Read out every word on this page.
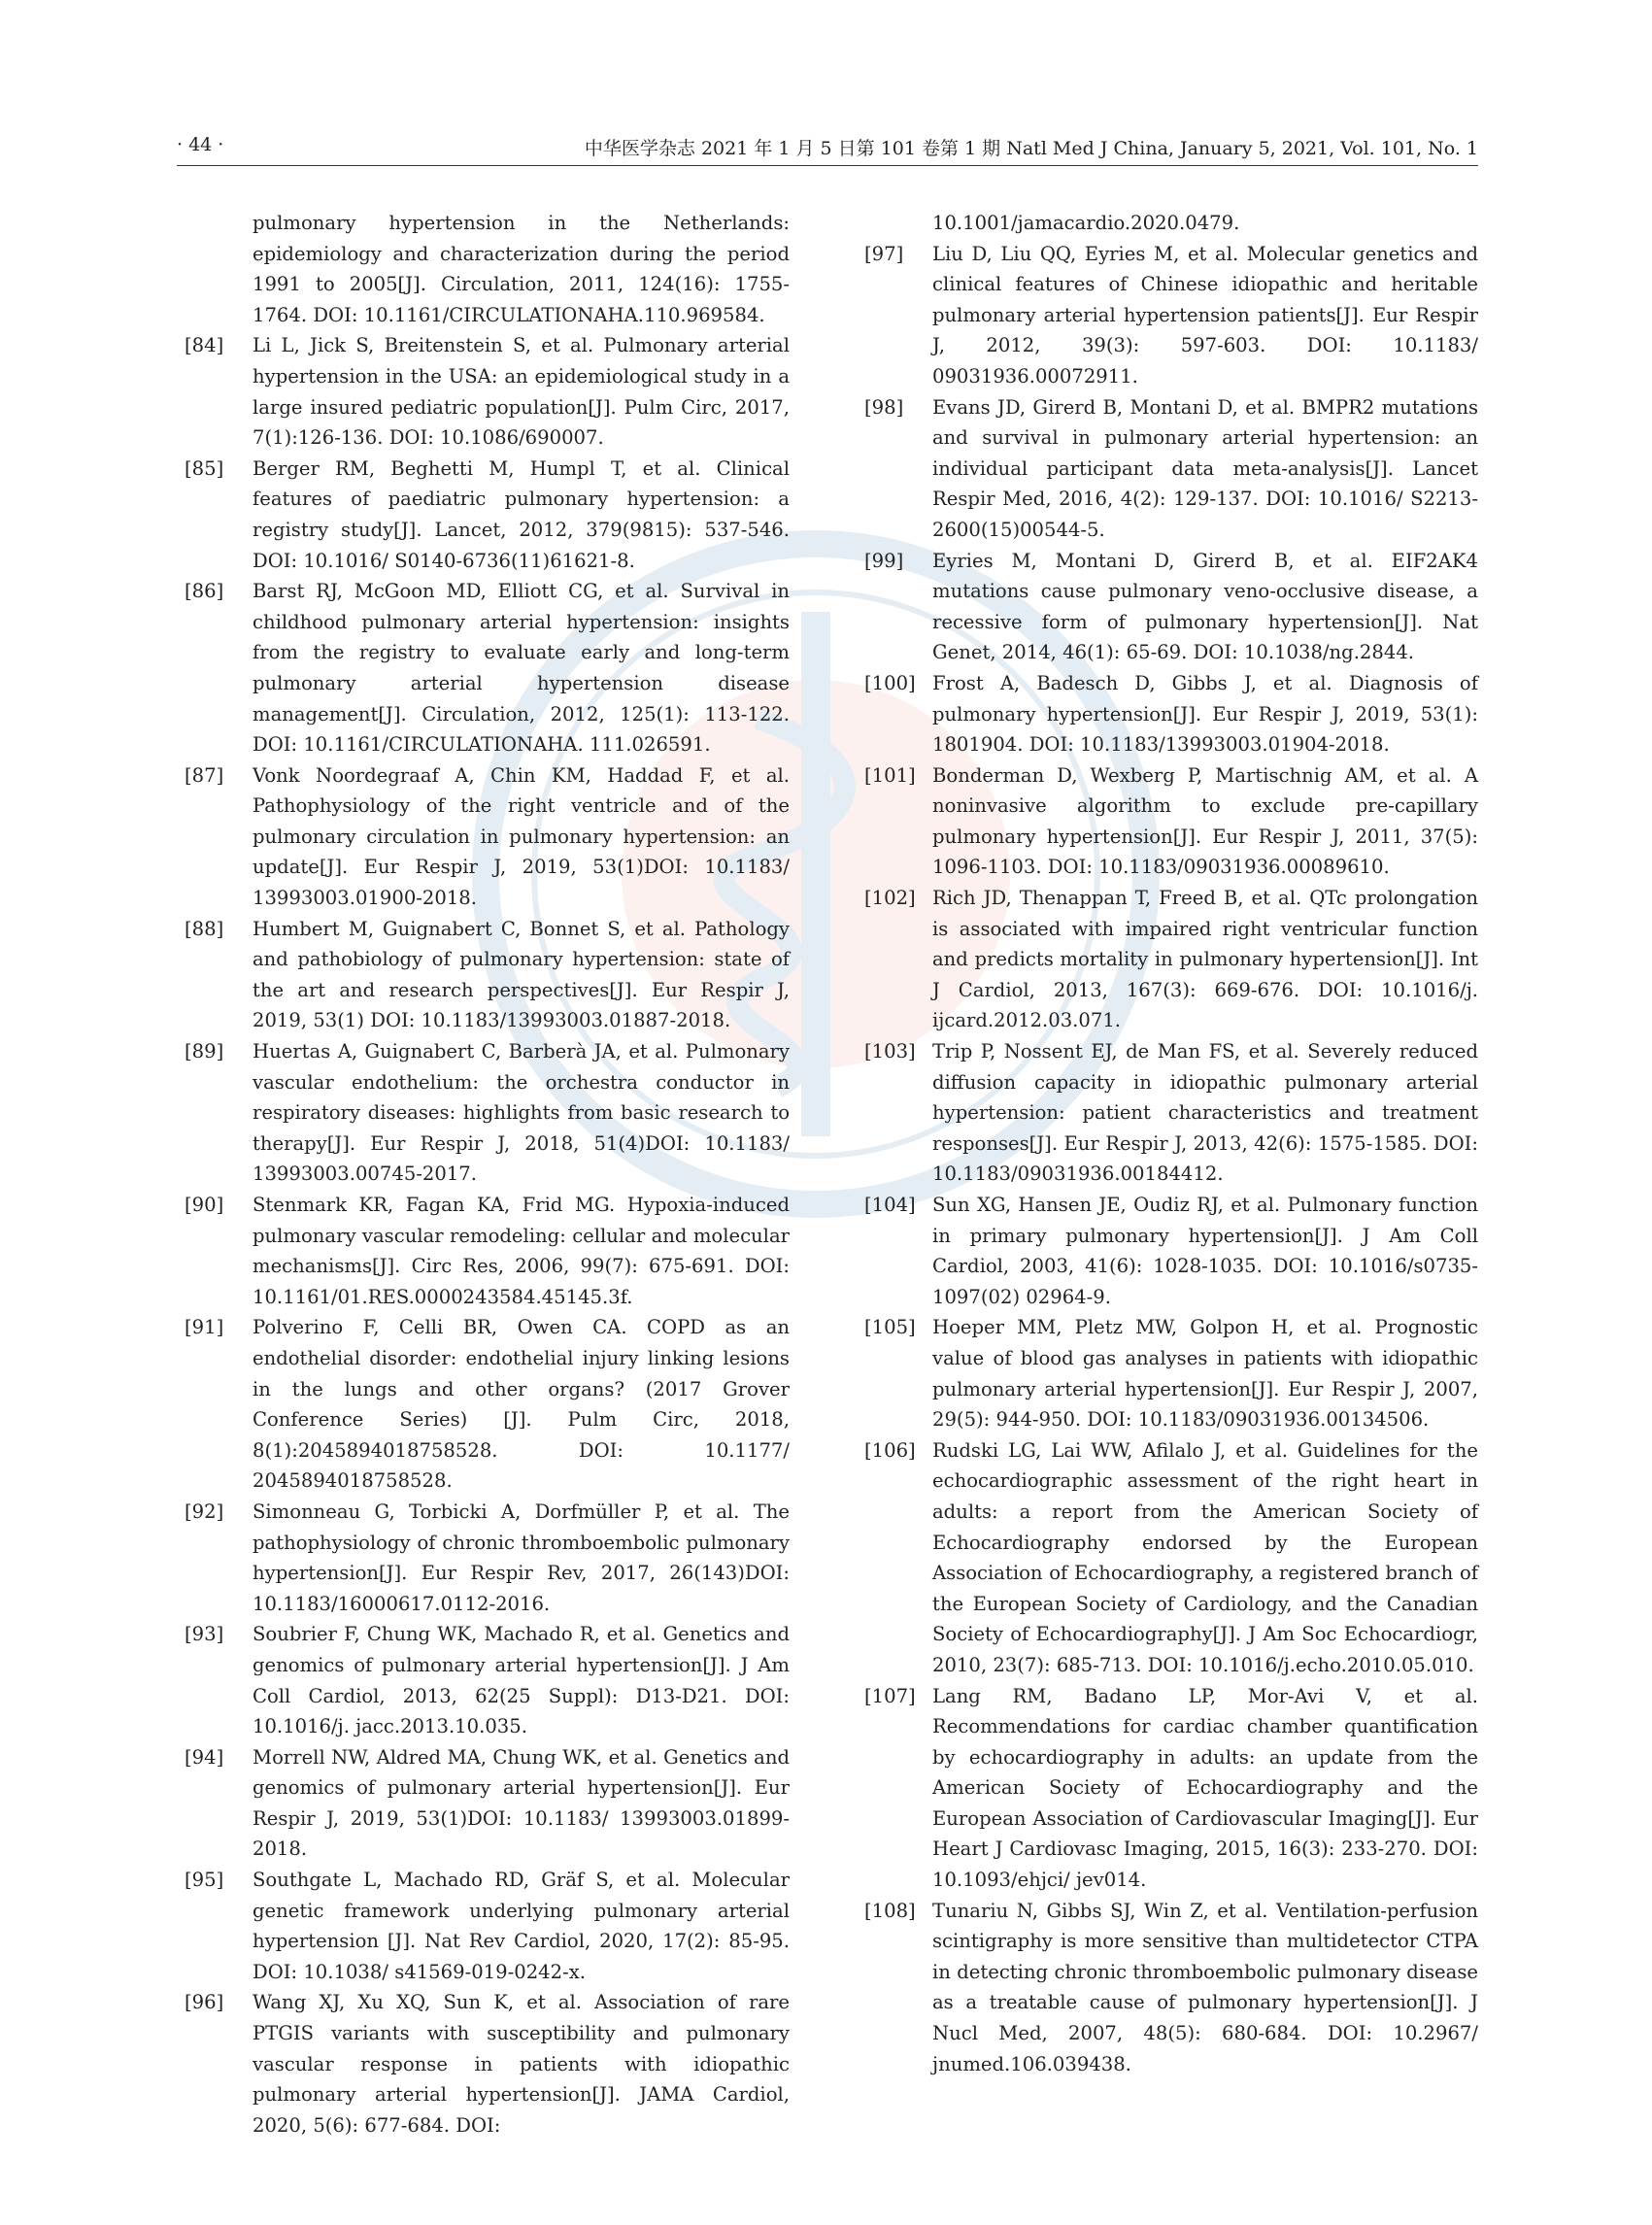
· 44 ·	中华医学杂志 2021 年 1 月 5 日第 101 卷第 1 期 Natl Med J China, January 5, 2021, Vol. 101, No. 1
pulmonary hypertension in the Netherlands: epidemiology and characterization during the period 1991 to 2005[J]. Circulation, 2011, 124(16): 1755-1764. DOI: 10.1161/CIRCULATIONAHA.110.969584.
[84] Li L, Jick S, Breitenstein S, et al. Pulmonary arterial hypertension in the USA: an epidemiological study in a large insured pediatric population[J]. Pulm Circ, 2017, 7(1):126-136. DOI: 10.1086/690007.
[85] Berger RM, Beghetti M, Humpl T, et al. Clinical features of paediatric pulmonary hypertension: a registry study[J]. Lancet, 2012, 379(9815): 537-546. DOI: 10.1016/ S0140-6736(11)61621-8.
[86] Barst RJ, McGoon MD, Elliott CG, et al. Survival in childhood pulmonary arterial hypertension: insights from the registry to evaluate early and long-term pulmonary arterial hypertension disease management[J]. Circulation, 2012, 125(1): 113-122. DOI: 10.1161/CIRCULATIONAHA. 111.026591.
[87] Vonk Noordegraaf A, Chin KM, Haddad F, et al. Pathophysiology of the right ventricle and of the pulmonary circulation in pulmonary hypertension: an update[J]. Eur Respir J, 2019, 53(1)DOI: 10.1183/ 13993003.01900-2018.
[88] Humbert M, Guignabert C, Bonnet S, et al. Pathology and pathobiology of pulmonary hypertension: state of the art and research perspectives[J]. Eur Respir J, 2019, 53(1) DOI: 10.1183/13993003.01887-2018.
[89] Huertas A, Guignabert C, Barberà JA, et al. Pulmonary vascular endothelium: the orchestra conductor in respiratory diseases: highlights from basic research to therapy[J]. Eur Respir J, 2018, 51(4)DOI: 10.1183/ 13993003.00745-2017.
[90] Stenmark KR, Fagan KA, Frid MG. Hypoxia-induced pulmonary vascular remodeling: cellular and molecular mechanisms[J]. Circ Res, 2006, 99(7): 675-691. DOI: 10.1161/01.RES.0000243584.45145.3f.
[91] Polverino F, Celli BR, Owen CA. COPD as an endothelial disorder: endothelial injury linking lesions in the lungs and other organs? (2017 Grover Conference Series) [J]. Pulm Circ, 2018, 8(1):2045894018758528. DOI: 10.1177/ 2045894018758528.
[92] Simonneau G, Torbicki A, Dorfmüller P, et al. The pathophysiology of chronic thromboembolic pulmonary hypertension[J]. Eur Respir Rev, 2017, 26(143)DOI: 10.1183/16000617.0112-2016.
[93] Soubrier F, Chung WK, Machado R, et al. Genetics and genomics of pulmonary arterial hypertension[J]. J Am Coll Cardiol, 2013, 62(25 Suppl): D13-D21. DOI: 10.1016/j. jacc.2013.10.035.
[94] Morrell NW, Aldred MA, Chung WK, et al. Genetics and genomics of pulmonary arterial hypertension[J]. Eur Respir J, 2019, 53(1)DOI: 10.1183/ 13993003.01899-2018.
[95] Southgate L, Machado RD, Gräf S, et al. Molecular genetic framework underlying pulmonary arterial hypertension [J]. Nat Rev Cardiol, 2020, 17(2): 85-95. DOI: 10.1038/ s41569-019-0242-x.
[96] Wang XJ, Xu XQ, Sun K, et al. Association of rare PTGIS variants with susceptibility and pulmonary vascular response in patients with idiopathic pulmonary arterial hypertension[J]. JAMA Cardiol, 2020, 5(6): 677-684. DOI:
10.1001/jamacardio.2020.0479.
[97] Liu D, Liu QQ, Eyries M, et al. Molecular genetics and clinical features of Chinese idiopathic and heritable pulmonary arterial hypertension patients[J]. Eur Respir J, 2012, 39(3): 597-603. DOI: 10.1183/ 09031936.00072911.
[98] Evans JD, Girerd B, Montani D, et al. BMPR2 mutations and survival in pulmonary arterial hypertension: an individual participant data meta-analysis[J]. Lancet Respir Med, 2016, 4(2): 129-137. DOI: 10.1016/ S2213-2600(15)00544-5.
[99] Eyries M, Montani D, Girerd B, et al. EIF2AK4 mutations cause pulmonary veno-occlusive disease, a recessive form of pulmonary hypertension[J]. Nat Genet, 2014, 46(1): 65-69. DOI: 10.1038/ng.2844.
[100] Frost A, Badesch D, Gibbs J, et al. Diagnosis of pulmonary hypertension[J]. Eur Respir J, 2019, 53(1): 1801904. DOI: 10.1183/13993003.01904-2018.
[101] Bonderman D, Wexberg P, Martischnig AM, et al. A noninvasive algorithm to exclude pre-capillary pulmonary hypertension[J]. Eur Respir J, 2011, 37(5): 1096-1103. DOI: 10.1183/09031936.00089610.
[102] Rich JD, Thenappan T, Freed B, et al. QTc prolongation is associated with impaired right ventricular function and predicts mortality in pulmonary hypertension[J]. Int J Cardiol, 2013, 167(3): 669-676. DOI: 10.1016/j. ijcard.2012.03.071.
[103] Trip P, Nossent EJ, de Man FS, et al. Severely reduced diffusion capacity in idiopathic pulmonary arterial hypertension: patient characteristics and treatment responses[J]. Eur Respir J, 2013, 42(6): 1575-1585. DOI: 10.1183/09031936.00184412.
[104] Sun XG, Hansen JE, Oudiz RJ, et al. Pulmonary function in primary pulmonary hypertension[J]. J Am Coll Cardiol, 2003, 41(6): 1028-1035. DOI: 10.1016/s0735-1097(02) 02964-9.
[105] Hoeper MM, Pletz MW, Golpon H, et al. Prognostic value of blood gas analyses in patients with idiopathic pulmonary arterial hypertension[J]. Eur Respir J, 2007, 29(5): 944-950. DOI: 10.1183/09031936.00134506.
[106] Rudski LG, Lai WW, Afilalo J, et al. Guidelines for the echocardiographic assessment of the right heart in adults: a report from the American Society of Echocardiography endorsed by the European Association of Echocardiography, a registered branch of the European Society of Cardiology, and the Canadian Society of Echocardiography[J]. J Am Soc Echocardiogr, 2010, 23(7): 685-713. DOI: 10.1016/j.echo.2010.05.010.
[107] Lang RM, Badano LP, Mor-Avi V, et al. Recommendations for cardiac chamber quantification by echocardiography in adults: an update from the American Society of Echocardiography and the European Association of Cardiovascular Imaging[J]. Eur Heart J Cardiovasc Imaging, 2015, 16(3): 233-270. DOI: 10.1093/ehjci/ jev014.
[108] Tunariu N, Gibbs SJ, Win Z, et al. Ventilation-perfusion scintigraphy is more sensitive than multidetector CTPA in detecting chronic thromboembolic pulmonary disease as a treatable cause of pulmonary hypertension[J]. J Nucl Med, 2007, 48(5): 680-684. DOI: 10.2967/ jnumed.106.039438.
